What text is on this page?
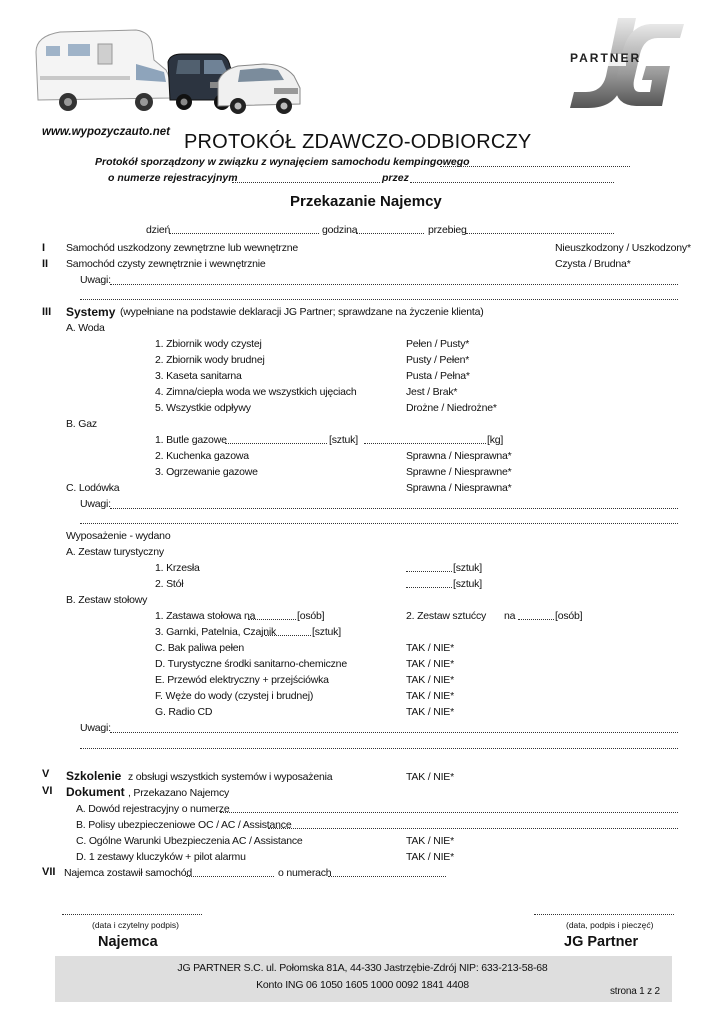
PARTNER
www.wypozyczauto.net PROTOKÓŁ ZDAWCZO-ODBIORCZY
Protokół sporządzony w związku z wynajęciem samochodu kempingowego
o numerze rejestracyjnym	przez
Przekazanie Najemcy
dzień	godzina	przebieg
I Samochód uszkodzony zewnętrzne lub wewnętrzne	Nieuszkodzony / Uszkodzony*
II Samochód czysty zewnętrznie i wewnętrznie	Czysta / Brudna*
Uwagi:
III Systemy (wypełniane na podstawie deklaracji JG Partner; sprawdzane na życzenie klienta)
A. Woda
1. Zbiornik wody czystej	Pełen / Pusty*
2. Zbiornik wody brudnej	Pusty / Pełen*
3. Kaseta sanitarna	Pusta / Pełna*
4. Zimna/ciepła woda we wszystkich ujęciach	Jest / Brak*
5. Wszystkie odpływy	Drożne / Niedrożne*
B. Gaz
1. Butle gazowe	[sztuk]	[kg]
2. Kuchenka gazowa	Sprawna / Niesprawna*
3. Ogrzewanie gazowe	Sprawne / Niesprawne*
C. Lodówka	Sprawna / Niesprawna*
Uwagi:
Wyposażenie - wydano
A. Zestaw turystyczny
1. Krzesła	[sztuk]
2. Stół	[sztuk]
B. Zestaw stołowy
1. Zastawa stołowa na	[osób]	2. Zestaw sztućcy na	[osób]
3. Garnki, Patelnia, Czajnik	[sztuk]
C. Bak paliwa pełen	TAK / NIE*
D. Turystyczne środki sanitarno-chemiczne	TAK / NIE*
E. Przewód elektryczny + przejściówka	TAK / NIE*
F. Węże do wody (czystej i brudnej)	TAK / NIE*
G. Radio CD	TAK / NIE*
Uwagi:
V Szkolenie z obsługi wszystkich systemów i wyposażenia	TAK / NIE*
VI Dokument , Przekazano Najemcy
A. Dowód rejestracyjny o numerze
B. Polisy ubezpieczeniowe OC / AC / Assistance
C. Ogólne Warunki Ubezpieczenia AC / Assistance	TAK / NIE*
D. 1 zestawy kluczyków + pilot alarmu	TAK / NIE*
VII Najemca zostawił samochód	o numerach
(data i czytelny podpis)
Najemca
(data, podpis i pieczęć)
JG Partner
JG PARTNER S.C. ul. Połomska 81A, 44-330 Jastrzębie-Zdrój NIP: 633-213-58-68
Konto ING 06 1050 1605 1000 0092 1841 4408
strona 1 z 2
